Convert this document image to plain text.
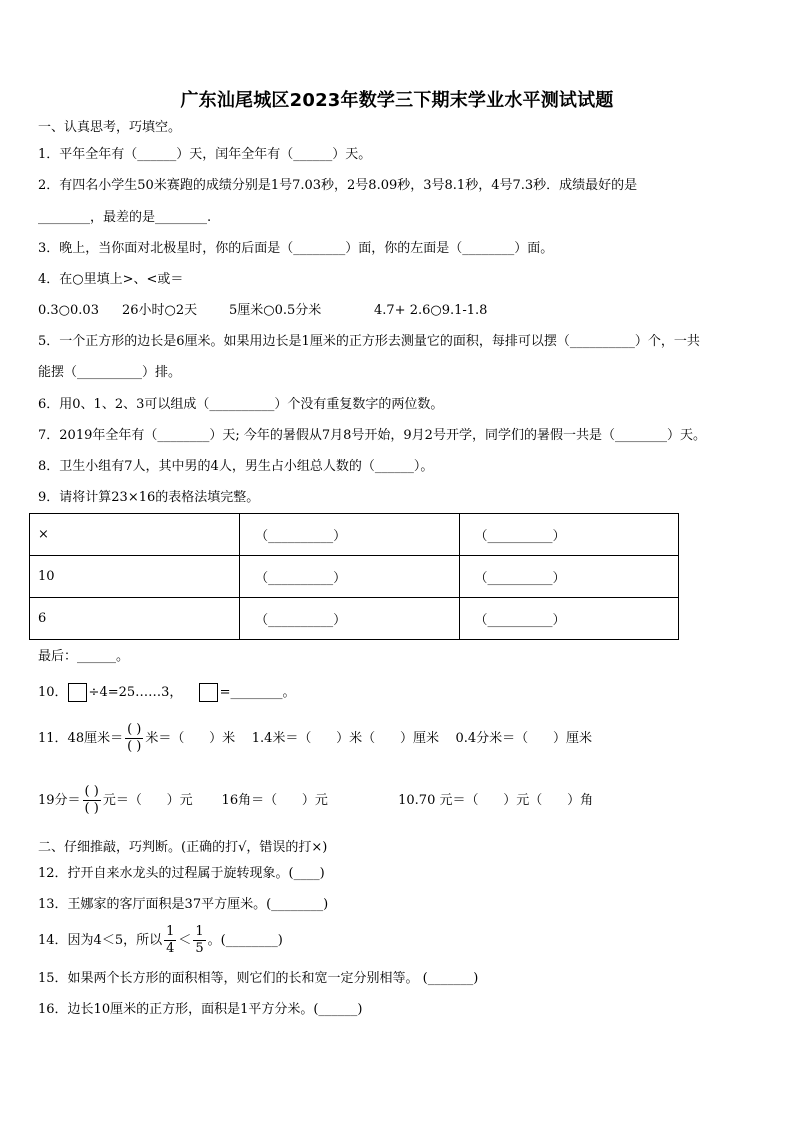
广东汕尾城区2023年数学三下期末学业水平测试试题
一、认真思考，巧填空。
1．平年全年有（______）天，闰年全年有（______）天。
2．有四名小学生50米赛跑的成绩分别是1号7.03秒，2号8.09秒，3号8.1秒，4号7.3秒．成绩最好的是
________，最差的是________.
3．晚上，当你面对北极星时，你的后面是（________）面，你的左面是（________）面。
4．在○里填上>、<或＝
0.3○0.03 26小时○2天 5厘米○0.5分米	4.7+ 2.6○9.1-1.8
5．一个正方形的边长是6厘米。如果用边长是1厘米的正方形去测量它的面积，每排可以摆（__________）个，一共
能摆（__________）排。
6．用0、1、2、3可以组成（__________）个没有重复数字的两位数。
7．2019年全年有（________）天; 今年的暑假从7月8号开始，9月2号开学，同学们的暑假一共是（________）天。
8．卫生小组有7人，其中男的4人，男生占小组总人数的（______）。
9．请将计算23×16的表格法填完整。
×	（__________）	（__________）
10	（__________）	（__________）
6	（__________）	（__________）
最后：______。
10． ÷4=25……3，	=________。
11．48厘米＝ $\frac{( )}{( )}$ 米＝（      ）米    1.4米＝（      ）米（      ）厘米    0.4分米＝（      ）厘米
19分＝ $\frac{( )}{( )}$ 元＝（      ）元       16角＝（      ）元                 10.70 元＝（      ）元（      ）角
二、仔细推敲，巧判断。(正确的打√，错误的打×)
12．拧开自来水龙头的过程属于旋转现象。(____)
13．王娜家的客厅面积是37平方厘米。(________)
14．因为4＜5，所以 $\frac{1}{4} < \frac{1}{5}$ 。(________)
15．如果两个长方形的面积相等，则它们的长和宽一定分别相等。 (_______)
16．边长10厘米的正方形，面积是1平方分米。(______)
